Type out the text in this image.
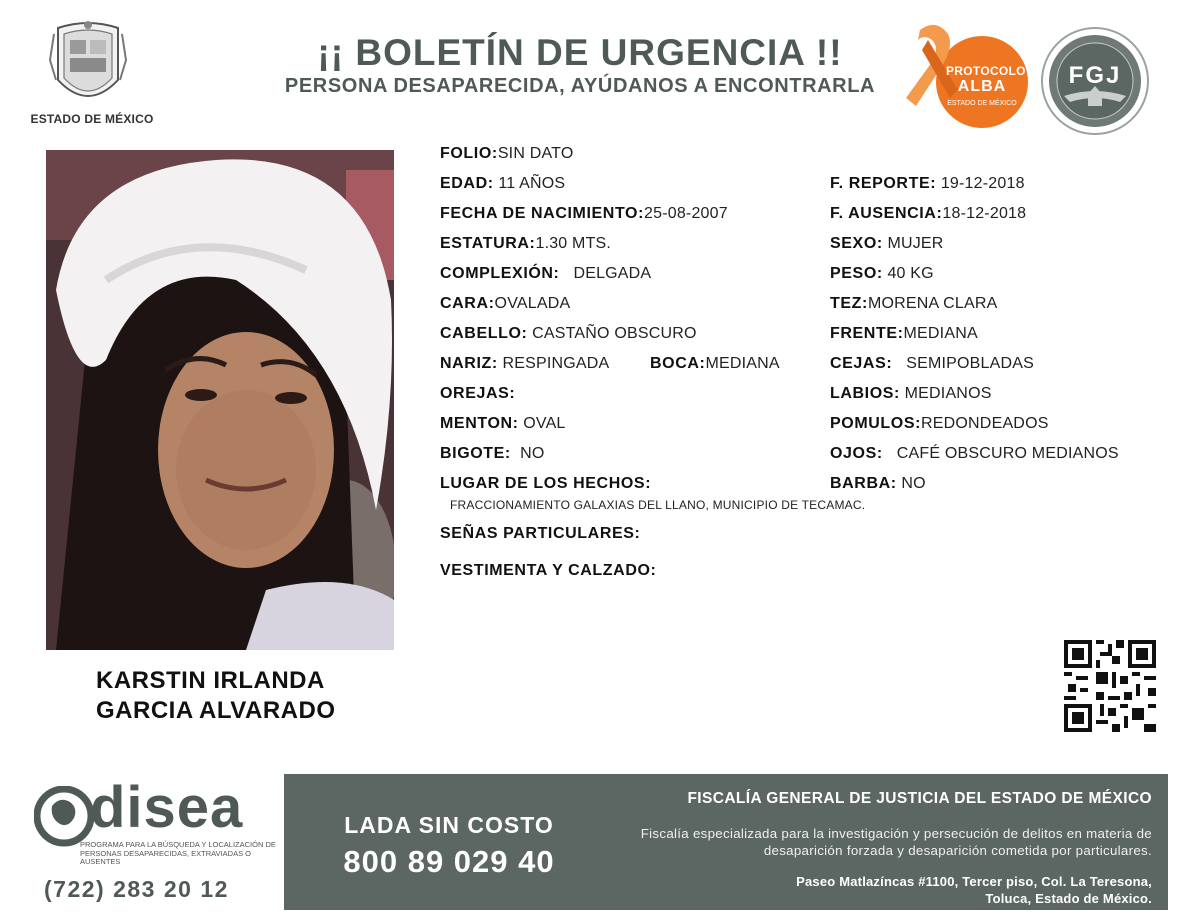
ESTADO DE MÉXICO
¡¡ BOLETÍN DE URGENCIA !!
PERSONA DESAPARECIDA, AYÚDANOS A ENCONTRARLA
PROTOCOLO
ALBA
ESTADO DE MÉXICO
FGJ
KARSTIN IRLANDA
GARCIA ALVARADO
FOLIO:SIN DATO
EDAD: 11 AÑOS
FECHA DE NACIMIENTO:25-08-2007
ESTATURA:1.30 MTS.
COMPLEXIÓN: DELGADA
CARA:OVALADA
CABELLO: CASTAÑO OBSCURO
NARIZ: RESPINGADA	BOCA:MEDIANA
OREJAS:
MENTON: OVAL
BIGOTE: NO
LUGAR DE LOS HECHOS:
FRACCIONAMIENTO GALAXIAS DEL LLANO, MUNICIPIO DE TECAMAC.
SEÑAS PARTICULARES:
VESTIMENTA Y CALZADO:
F. REPORTE: 19-12-2018
F. AUSENCIA:18-12-2018
SEXO: MUJER
PESO: 40 KG
TEZ:MORENA CLARA
FRENTE:MEDIANA
CEJAS: SEMIPOBLADAS
LABIOS: MEDIANOS
POMULOS:REDONDEADOS
OJOS: CAFÉ OBSCURO MEDIANOS
BARBA: NO
disea
PROGRAMA PARA LA BÚSQUEDA Y LOCALIZACIÓN DE PERSONAS DESAPARECIDAS, EXTRAVIADAS O AUSENTES
(722) 283 20 12
LADA SIN COSTO
800 89 029 40
FISCALÍA GENERAL DE JUSTICIA DEL ESTADO DE MÉXICO
Fiscalía especializada para la investigación y persecución de delitos en materia de desaparición forzada y desaparición cometida por particulares.
Paseo Matlazíncas #1100, Tercer piso, Col. La Teresona,
Toluca, Estado de México.
